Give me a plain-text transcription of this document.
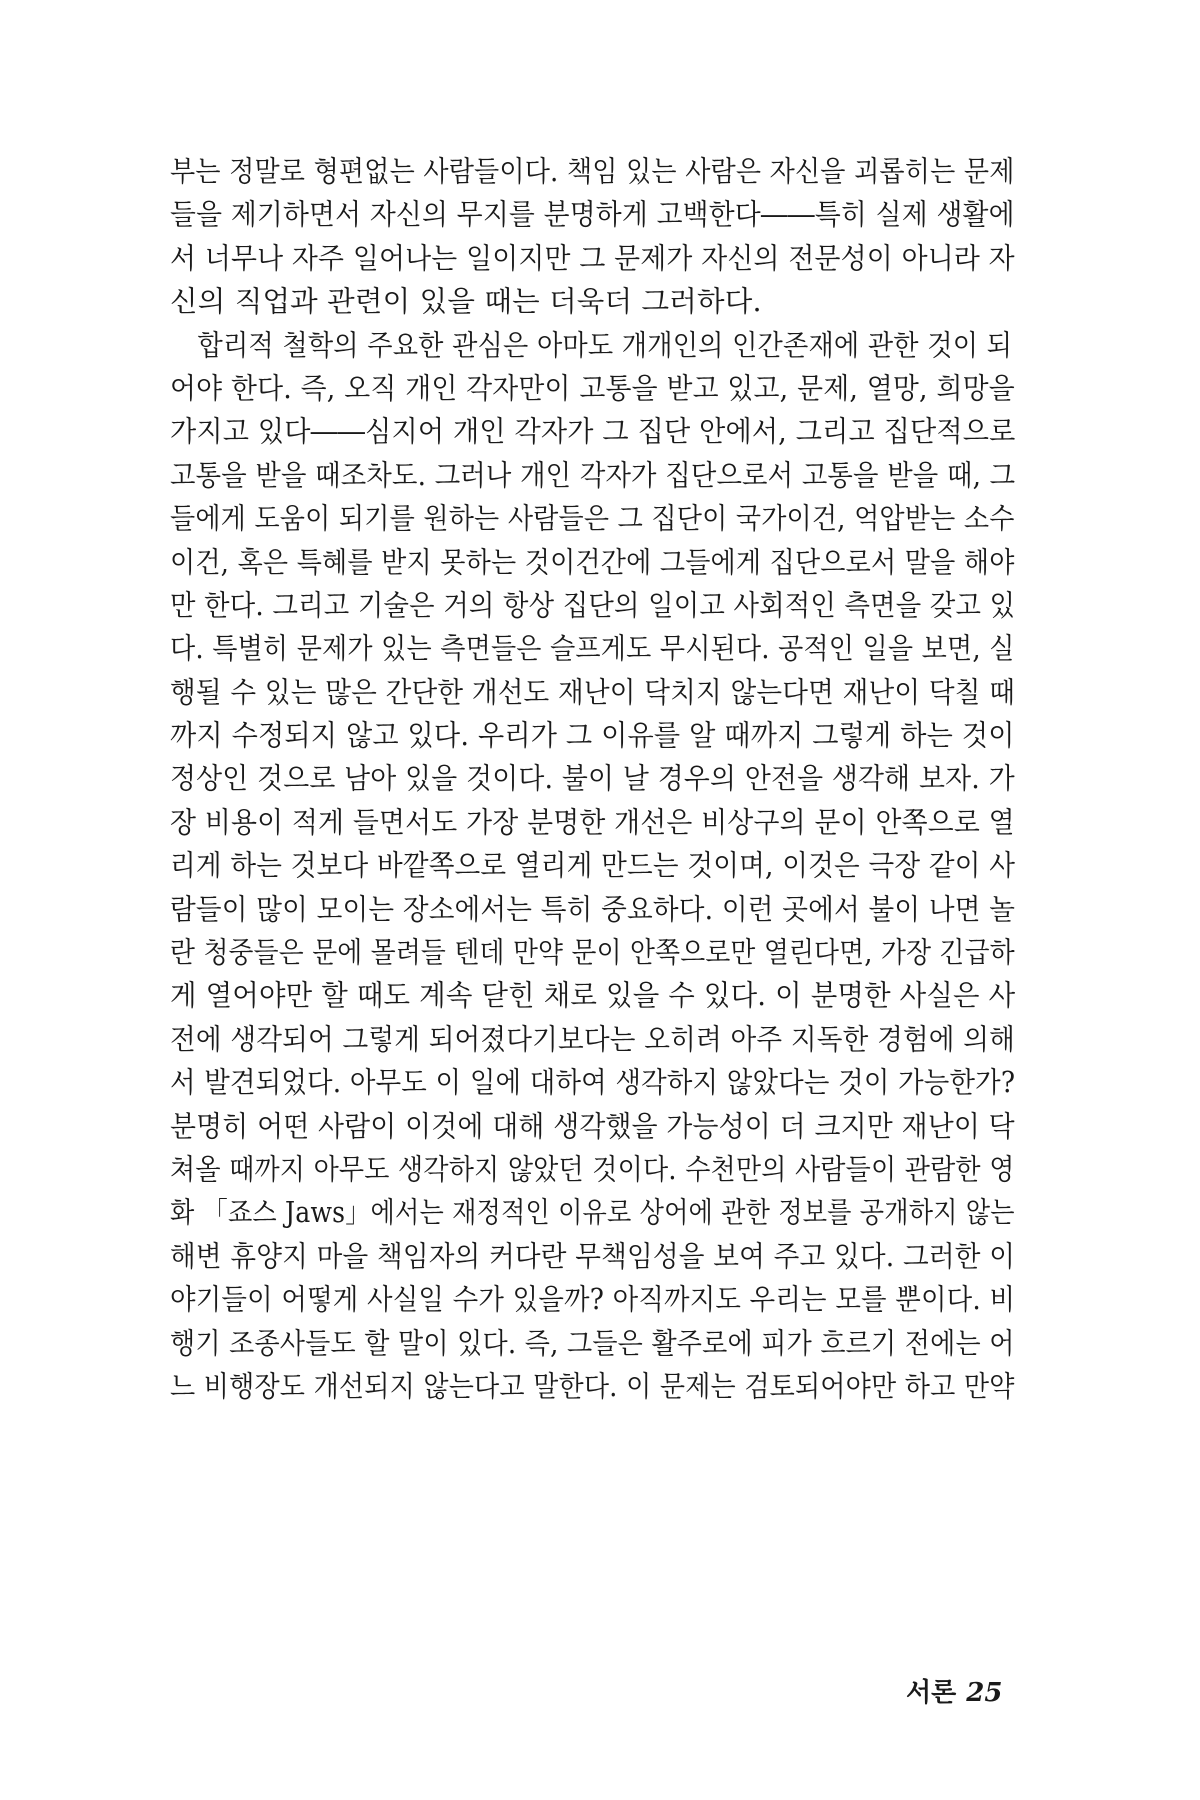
부는 정말로 형편없는 사람들이다. 책임 있는 사람은 자신을 괴롭히는 문제
들을 제기하면서 자신의 무지를 분명하게 고백한다――특히 실제 생활에
서 너무나 자주 일어나는 일이지만 그 문제가 자신의 전문성이 아니라 자
신의 직업과 관련이 있을 때는 더욱더 그러하다.
합리적 철학의 주요한 관심은 아마도 개개인의 인간존재에 관한 것이 되
어야 한다. 즉, 오직 개인 각자만이 고통을 받고 있고, 문제, 열망, 희망을
가지고 있다――심지어 개인 각자가 그 집단 안에서, 그리고 집단적으로
고통을 받을 때조차도. 그러나 개인 각자가 집단으로서 고통을 받을 때, 그
들에게 도움이 되기를 원하는 사람들은 그 집단이 국가이건, 억압받는 소수
이건, 혹은 특혜를 받지 못하는 것이건간에 그들에게 집단으로서 말을 해야
만 한다. 그리고 기술은 거의 항상 집단의 일이고 사회적인 측면을 갖고 있
다. 특별히 문제가 있는 측면들은 슬프게도 무시된다. 공적인 일을 보면, 실
행될 수 있는 많은 간단한 개선도 재난이 닥치지 않는다면 재난이 닥칠 때
까지 수정되지 않고 있다. 우리가 그 이유를 알 때까지 그렇게 하는 것이
정상인 것으로 남아 있을 것이다. 불이 날 경우의 안전을 생각해 보자. 가
장 비용이 적게 들면서도 가장 분명한 개선은 비상구의 문이 안쪽으로 열
리게 하는 것보다 바깥쪽으로 열리게 만드는 것이며, 이것은 극장 같이 사
람들이 많이 모이는 장소에서는 특히 중요하다. 이런 곳에서 불이 나면 놀
란 청중들은 문에 몰려들 텐데 만약 문이 안쪽으로만 열린다면, 가장 긴급하
게 열어야만 할 때도 계속 닫힌 채로 있을 수 있다. 이 분명한 사실은 사
전에 생각되어 그렇게 되어졌다기보다는 오히려 아주 지독한 경험에 의해
서 발견되었다. 아무도 이 일에 대하여 생각하지 않았다는 것이 가능한가?
분명히 어떤 사람이 이것에 대해 생각했을 가능성이 더 크지만 재난이 닥
쳐올 때까지 아무도 생각하지 않았던 것이다. 수천만의 사람들이 관람한 영
화 「죠스 Jaws」에서는 재정적인 이유로 상어에 관한 정보를 공개하지 않는
해변 휴양지 마을 책임자의 커다란 무책임성을 보여 주고 있다. 그러한 이
야기들이 어떻게 사실일 수가 있을까? 아직까지도 우리는 모를 뿐이다. 비
행기 조종사들도 할 말이 있다. 즉, 그들은 활주로에 피가 흐르기 전에는 어
느 비행장도 개선되지 않는다고 말한다. 이 문제는 검토되어야만 하고 만약
서론 25
